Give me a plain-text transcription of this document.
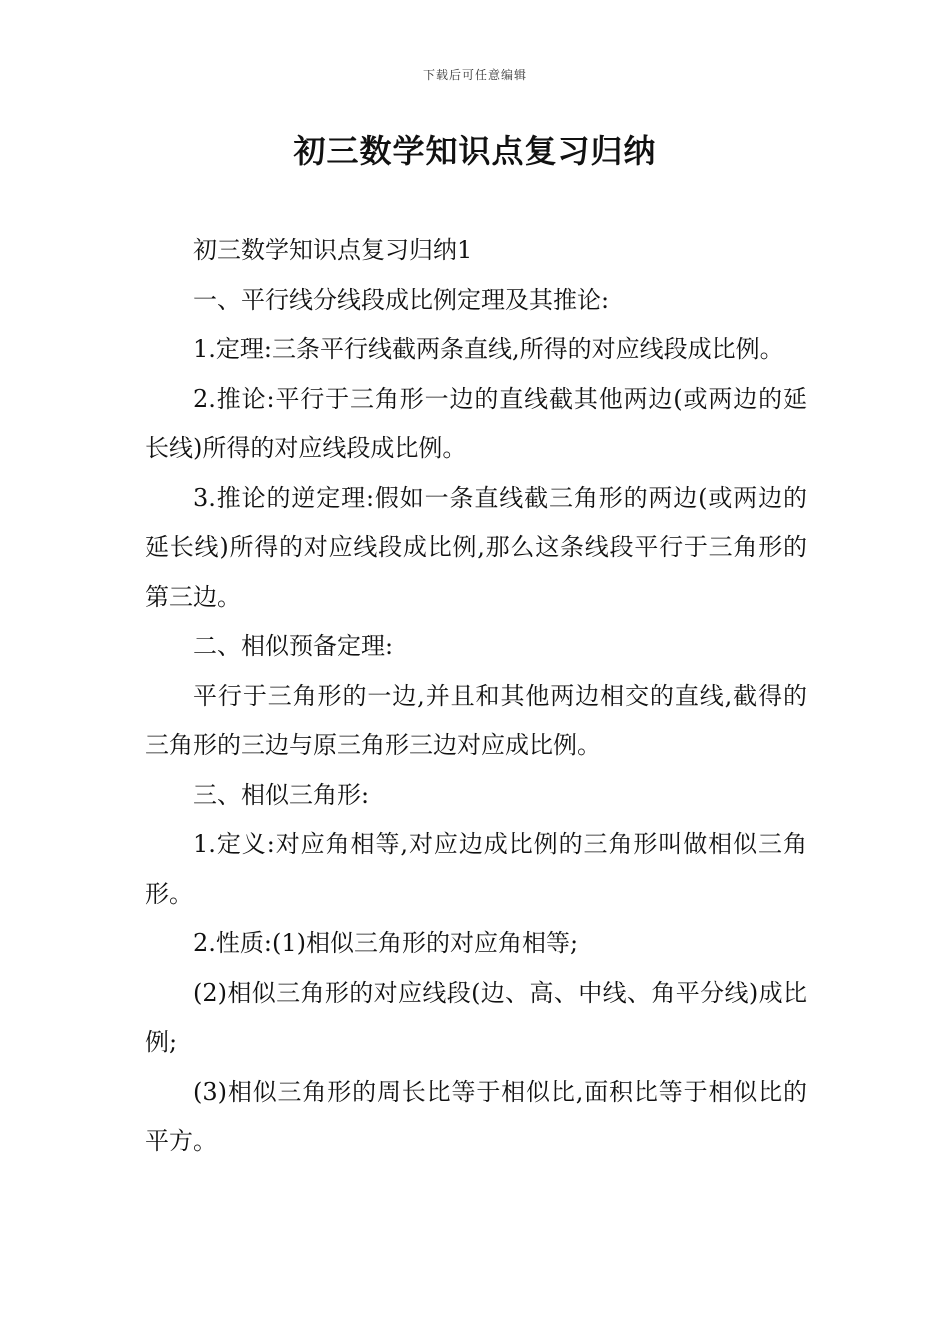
下载后可任意编辑
初三数学知识点复习归纳

初三数学知识点复习归纳1

一、平行线分线段成比例定理及其推论:

1.定理:三条平行线截两条直线,所得的对应线段成比例。

2.推论:平行于三角形一边的直线截其他两边(或两边的延长线)所得的对应线段成比例。

3.推论的逆定理:假如一条直线截三角形的两边(或两边的延长线)所得的对应线段成比例,那么这条线段平行于三角形的第三边。

二、相似预备定理:

平行于三角形的一边,并且和其他两边相交的直线,截得的三角形的三边与原三角形三边对应成比例。

三、相似三角形:

1.定义:对应角相等,对应边成比例的三角形叫做相似三角形。

2.性质:(1)相似三角形的对应角相等;

(2)相似三角形的对应线段(边、高、中线、角平分线)成比例;

(3)相似三角形的周长比等于相似比,面积比等于相似比的平方。
